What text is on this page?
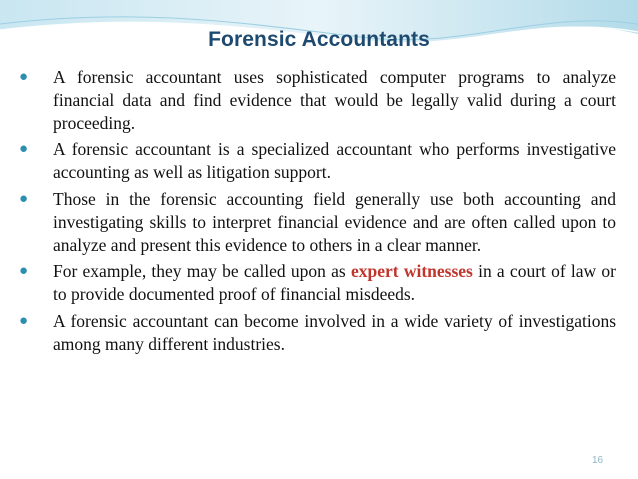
Forensic Accountants
● A forensic accountant uses sophisticated computer programs to analyze financial data and find evidence that would be legally valid during a court proceeding.
● A forensic accountant is a specialized accountant who performs investigative accounting as well as litigation support.
● Those in the forensic accounting field generally use both accounting and investigating skills to interpret financial evidence and are often called upon to analyze and present this evidence to others in a clear manner.
● For example, they may be called upon as expert witnesses in a court of law or to provide documented proof of financial misdeeds.
● A forensic accountant can become involved in a wide variety of investigations among many different industries.
16
